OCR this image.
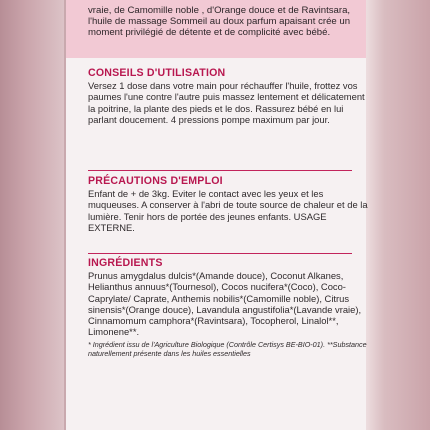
vraie, de Camomille noble , d'Orange douce et de Ravintsara, l'huile de massage Sommeil au doux parfum apaisant crée un moment privilégié de détente et de complicité avec bébé.

CONSEILS D'UTILISATION

Versez 1 dose dans votre main pour réchauffer l'huile, frottez vos paumes l'une contre l'autre puis massez lentement et délicatement la poitrine, la plante des pieds et le dos. Rassurez bébé en lui parlant doucement. 4 pressions pompe maximum par jour.

PRÉCAUTIONS D'EMPLOI

Enfant de + de 3kg. Eviter le contact avec les yeux et les muqueuses. A conserver à l'abri de toute source de chaleur et de la lumière. Tenir hors de portée des jeunes enfants. USAGE EXTERNE.

INGRÉDIENTS

Prunus amygdalus dulcis*(Amande douce), Coconut Alkanes, Helianthus annuus*(Tournesol), Cocos nucifera*(Coco), Coco-Caprylate/ Caprate, Anthemis nobilis*(Camomille noble), Citrus sinensis*(Orange douce), Lavandula angustifolia*(Lavande vraie), Cinnamomum camphora*(Ravintsara), Tocopherol, Linalol**, Limonene**.

* Ingrédient issu de l'Agriculture Biologique (Contrôle Certisys BE-BIO-01). **Substance naturellement présente dans les huiles essentielles
